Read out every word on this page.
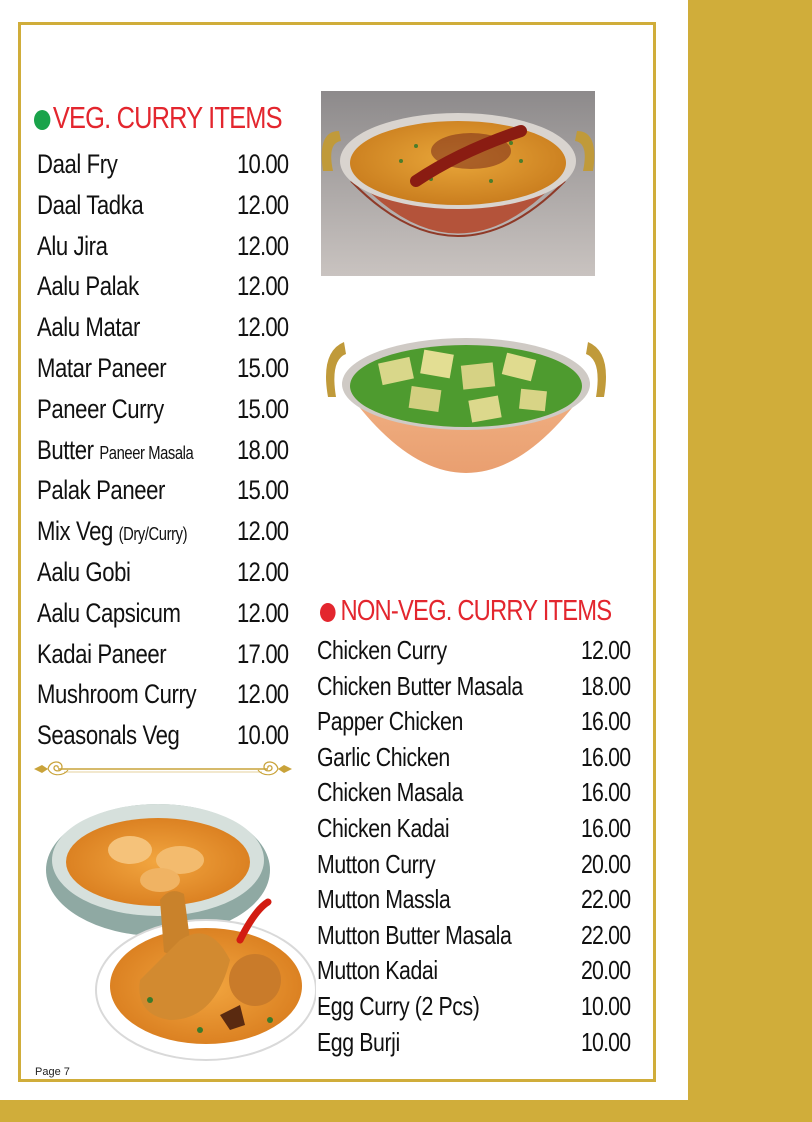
VEG. CURRY ITEMS
Daal Fry	10.00
Daal Tadka	12.00
Alu Jira	12.00
Aalu Palak	12.00
Aalu Matar	12.00
Matar Paneer	15.00
Paneer Curry	15.00
Butter Paneer Masala 18.00
Palak Paneer	15.00
Mix Veg (Dry/Curry) 12.00
Aalu Gobi	12.00
Aalu Capsicum 12.00
Kadai Paneer	17.00
Mushroom Curry 12.00
Seasonals Veg 10.00
NON-VEG. CURRY ITEMS
Chicken Curry	12.00
Chicken Butter Masala 18.00
Papper Chicken	16.00
Garlic Chicken	16.00
Chicken Masala	16.00
Chicken Kadai	16.00
Mutton Curry	20.00
Mutton Massla	22.00
Mutton Butter Masala	22.00
Mutton Kadai	20.00
Egg Curry (2 Pcs)	10.00
Egg Burji	10.00
Page 7
